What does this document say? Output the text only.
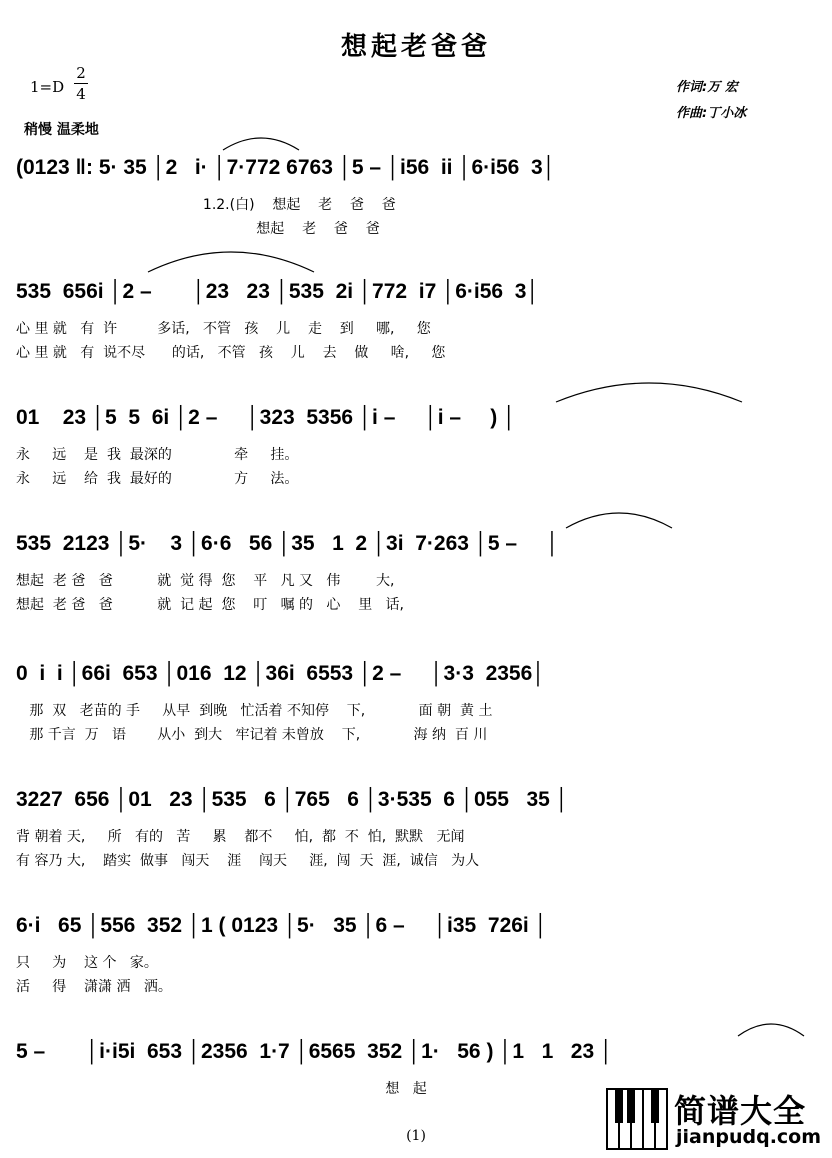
想起老爸爸
1=D
2
4
稍慢 温柔地
作词:万 宏
作曲:丁小冰
(0123 ‖: 5· 35 │2   i· │7·772 6763 │5 – │i56  ii │6·i56  3│
1.2.(白)    想起    老    爸    爸
想起    老    爸    爸
535  656i │2 –       │23   23 │535  2i │772  i7 │6·i56  3│
心 里 就   有  许         多话,   不管   孩    儿    走    到     哪,     您
心 里 就   有  说不尽      的话,   不管   孩    儿    去    做     啥,     您
01    23 │5  5  6i │2 –     │323  5356 │i –     │i –     ) │
永     远    是  我  最深的              牵     挂。
永     远    给  我  最好的              方     法。
535  2123 │5·    3 │6·6   56 │35   1  2 │3i  7·263 │5 –     │
想起  老 爸   爸          就  觉 得  您    平   凡 又   伟        大,
想起  老 爸   爸          就  记 起  您    叮   嘱 的   心    里   话,
0  i  i │66i  653 │016  12 │36i  6553 │2 –     │3·3  2356│
那  双   老苗的 手     从早  到晚   忙活着 不知停    下,            面 朝  黄 土
那 千言  万   语       从小  到大   牢记着 未曾放    下,            海 纳  百 川
3227  656 │01   23 │535   6 │765   6 │3·535  6 │055   35 │
背 朝着 天,     所   有的   苦     累    都不     怕,  都  不  怕,  默默   无闻
有 容乃 大,    踏实  做事   闯天    涯    闯天     涯,  闯  天  涯,  诚信   为人
6·i   65 │556  352 │1 ( 0123 │5·   35 │6 –     │i35  726i │
只     为    这 个   家。
活     得    潇潇 洒   洒。
5 –       │i·i5i  653 │2356  1·7 │6565  352 │1·   56 ) │1   1   23 │
想   起
(1)
简谱大全
jianpudq.com
